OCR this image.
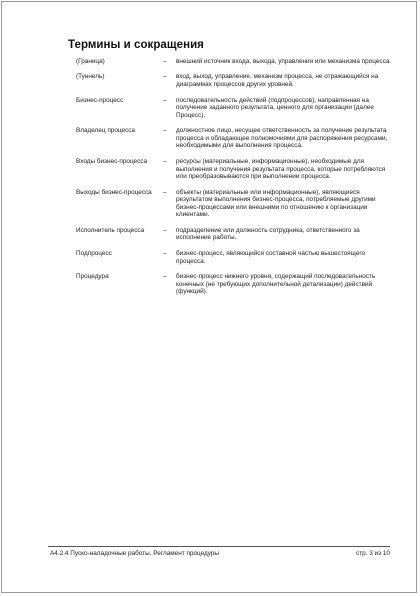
Термины и сокращения
(Граница)	–	внешний источник входа, выхода, управления или механизма процесса.
(Туннель)	–	вход, выход, управление, механизм процесса, не отражающийся на диаграммах процессов других уровней.
Бизнес-процесс	–	последовательность действий (подпроцессов), направленная на получение заданного результата, ценного для организации (далее Процесс).
Владелец процесса	–	должностное лицо, несущее ответственность за получение результата процесса и обладающее полномочиями для распоряжения ресурсами, необходимыми для выполнения процесса.
Входы бизнес-процесса	–	ресурсы (материальные, информационные), необходимые для выполнения и получения результата процесса, которые потребляются или преобразовываются при выполнении процесса.
Выходы бизнес-процесса	–	объекты (материальные или информационные), являющиеся результатом выполнения бизнес-процесса, потребляемые другими бизнес-процессами или внешними по отношению к организации клиентами.
Исполнитель процесса	–	подразделение или должность сотрудника, ответственного за исполнение работы.
Подпроцесс	–	бизнес-процесс, являющийся составной частью вышестоящего процесса.
Процедура	–	бизнес-процесс нижнего уровня, содержащий последовательность конечных (не требующих дополнительной детализации) действий (функций).
А4.2.4 Пуско-наладочные работы. Регламент процедуры	стр. 3 из 10
